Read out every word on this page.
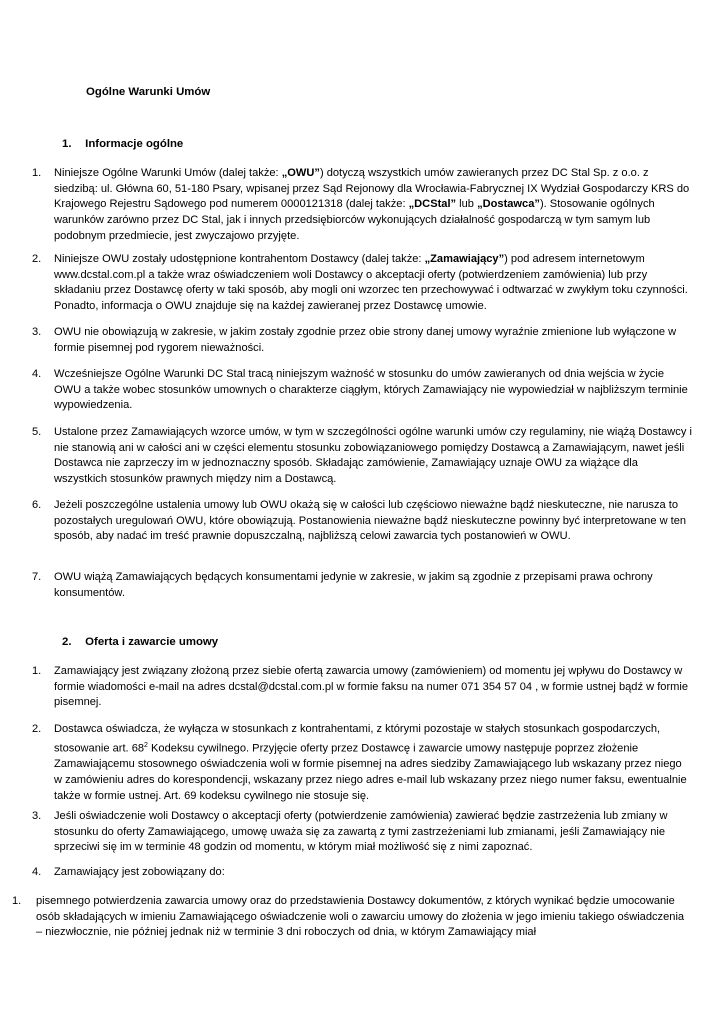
Ogólne Warunki Umów
1. Informacje ogólne
1. Niniejsze Ogólne Warunki Umów (dalej także: „OWU”) dotyczą wszystkich umów zawieranych przez DC Stal Sp. z o.o. z siedzibą: ul. Główna 60, 51-180 Psary, wpisanej przez Sąd Rejonowy dla Wrocławia-Fabrycznej IX Wydział Gospodarczy KRS do Krajowego Rejestru Sądowego pod numerem 0000121318 (dalej także: „DCStal” lub „Dostawca”). Stosowanie ogólnych warunków zarówno przez DC Stal, jak i innych przedsiębiorców wykonujących działalność gospodarczą w tym samym lub podobnym przedmiecie, jest zwyczajowo przyjęte.
2. Niniejsze OWU zostały udostępnione kontrahentom Dostawcy (dalej także: „Zamawiający”) pod adresem internetowym www.dcstal.com.pl a także wraz oświadczeniem woli Dostawcy o akceptacji oferty (potwierdzeniem zamówienia) lub przy składaniu przez Dostawcę oferty w taki sposób, aby mogli oni wzorzec ten przechowywać i odtwarzać w zwykłym toku czynności. Ponadto, informacja o OWU znajduje się na każdej zawieranej przez Dostawcę umowie.
3. OWU nie obowiązują w zakresie, w jakim zostały zgodnie przez obie strony danej umowy wyraźnie zmienione lub wyłączone w formie pisemnej pod rygorem nieważności.
4. Wcześniejsze Ogólne Warunki DC Stal tracą niniejszym ważność w stosunku do umów zawieranych od dnia wejścia w życie OWU a także wobec stosunków umownych o charakterze ciągłym, których Zamawiający nie wypowiedział w najbliższym terminie wypowiedzenia.
5. Ustalone przez Zamawiających wzorce umów, w tym w szczególności ogólne warunki umów czy regulaminy, nie wiążą Dostawcy i nie stanowią ani w całości ani w części elementu stosunku zobowiązaniowego pomiędzy Dostawcą a Zamawiającym, nawet jeśli Dostawca nie zaprzeczy im w jednoznaczny sposób. Składając zamówienie, Zamawiający uznaje OWU za wiążące dla wszystkich stosunków prawnych między nim a Dostawcą.
6. Jeżeli poszczególne ustalenia umowy lub OWU okażą się w całości lub częściowo nieważne bądź nieskuteczne, nie narusza to pozostałych uregulowań OWU, które obowiązują. Postanowienia nieważne bądź nieskuteczne powinny być interpretowane w ten sposób, aby nadać im treść prawnie dopuszczalną, najbliższą celowi zawarcia tych postanowień w OWU.
7. OWU wiążą Zamawiających będących konsumentami jedynie w zakresie, w jakim są zgodnie z przepisami prawa ochrony konsumentów.
2. Oferta i zawarcie umowy
1. Zamawiający jest związany złożoną przez siebie ofertą zawarcia umowy (zamówieniem) od momentu jej wpływu do Dostawcy w formie wiadomości e-mail na adres dcstal@dcstal.com.pl w formie faksu na numer 071 354 57 04 , w formie ustnej bądź w formie pisemnej.
2. Dostawca oświadcza, że wyłącza w stosunkach z kontrahentami, z którymi pozostaje w stałych stosunkach gospodarczych, stosowanie art. $68^2$ Kodeksu cywilnego. Przyjęcie oferty przez Dostawcę i zawarcie umowy następuje poprzez złożenie Zamawiającemu stosownego oświadczenia woli w formie pisemnej na adres siedziby Zamawiającego lub wskazany przez niego w zamówieniu adres do korespondencji, wskazany przez niego adres e-mail lub wskazany przez niego numer faksu, ewentualnie także w formie ustnej. Art. 69 kodeksu cywilnego nie stosuje się.
3. Jeśli oświadczenie woli Dostawcy o akceptacji oferty (potwierdzenie zamówienia) zawierać będzie zastrzeżenia lub zmiany w stosunku do oferty Zamawiającego, umowę uważa się za zawartą z tymi zastrzeżeniami lub zmianami, jeśli Zamawiający nie sprzeciwi się im w terminie 48 godzin od momentu, w którym miał możliwość się z nimi zapoznać.
4. Zamawiający jest zobowiązany do:
1. pisemnego potwierdzenia zawarcia umowy oraz do przedstawienia Dostawcy dokumentów, z których wynikać będzie umocowanie osób składających w imieniu Zamawiającego oświadczenie woli o zawarciu umowy do złożenia w jego imieniu takiego oświadczenia – niezwłocznie, nie później jednak niż w terminie 3 dni roboczych od dnia, w którym Zamawiający miał
